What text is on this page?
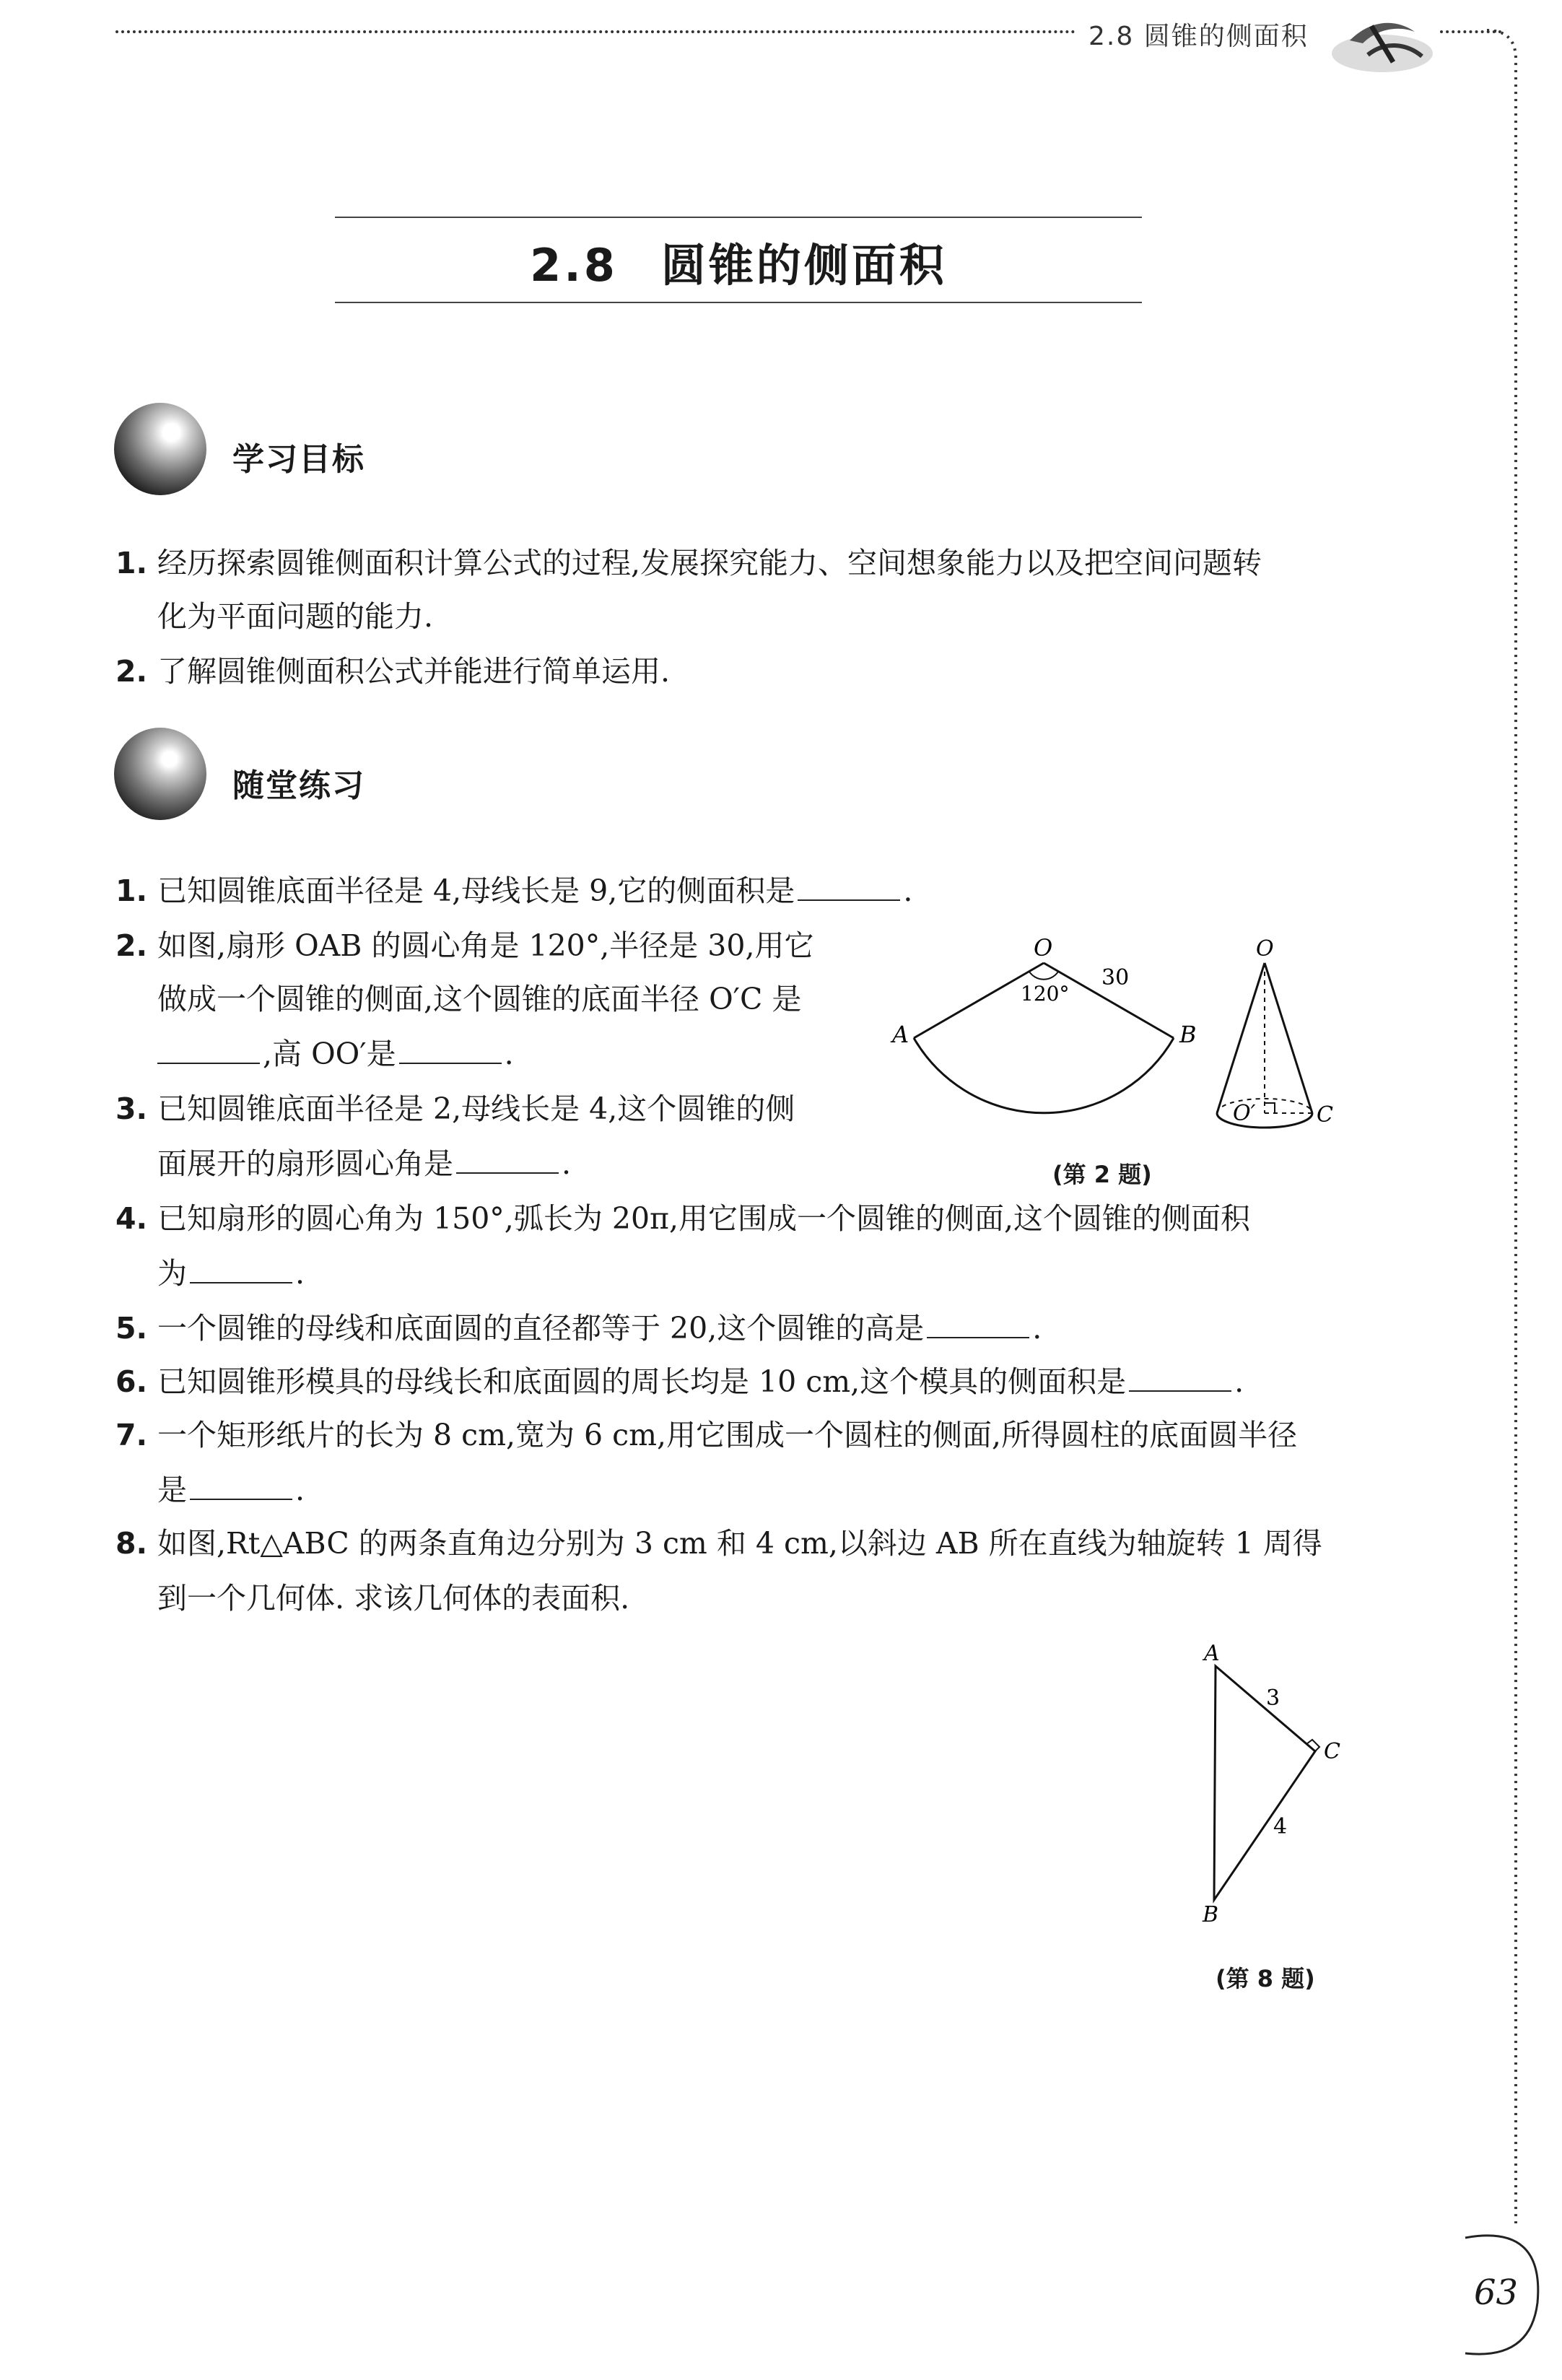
2.8 圆锥的侧面积
2.8 圆锥的侧面积
学习目标
1. 经历探索圆锥侧面积计算公式的过程,发展探究能力、空间想象能力以及把空间问题转
化为平面问题的能力.
2. 了解圆锥侧面积公式并能进行简单运用.
随堂练习
1. 已知圆锥底面半径是 4,母线长是 9,它的侧面积是	.
2. 如图,扇形 OAB 的圆心角是 120°,半径是 30,用它
做成一个圆锥的侧面,这个圆锥的底面半径 O′C 是
,高 OO′是	.
3. 已知圆锥底面半径是 2,母线长是 4,这个圆锥的侧
面展开的扇形圆心角是	.
4. 已知扇形的圆心角为 150°,弧长为 20π,用它围成一个圆锥的侧面,这个圆锥的侧面积
为	.
5. 一个圆锥的母线和底面圆的直径都等于 20,这个圆锥的高是	.
6. 已知圆锥形模具的母线长和底面圆的周长均是 10 cm,这个模具的侧面积是	.
7. 一个矩形纸片的长为 8 cm,宽为 6 cm,用它围成一个圆柱的侧面,所得圆柱的底面圆半径
是	.
8. 如图,Rt△ABC 的两条直角边分别为 3 cm 和 4 cm,以斜边 AB 所在直线为轴旋转 1 周得
到一个几何体. 求该几何体的表面积.
O
A	B
120°
30
O
O′	C
(第 2 题)
A
B
C
3
4
(第 8 题)
63
